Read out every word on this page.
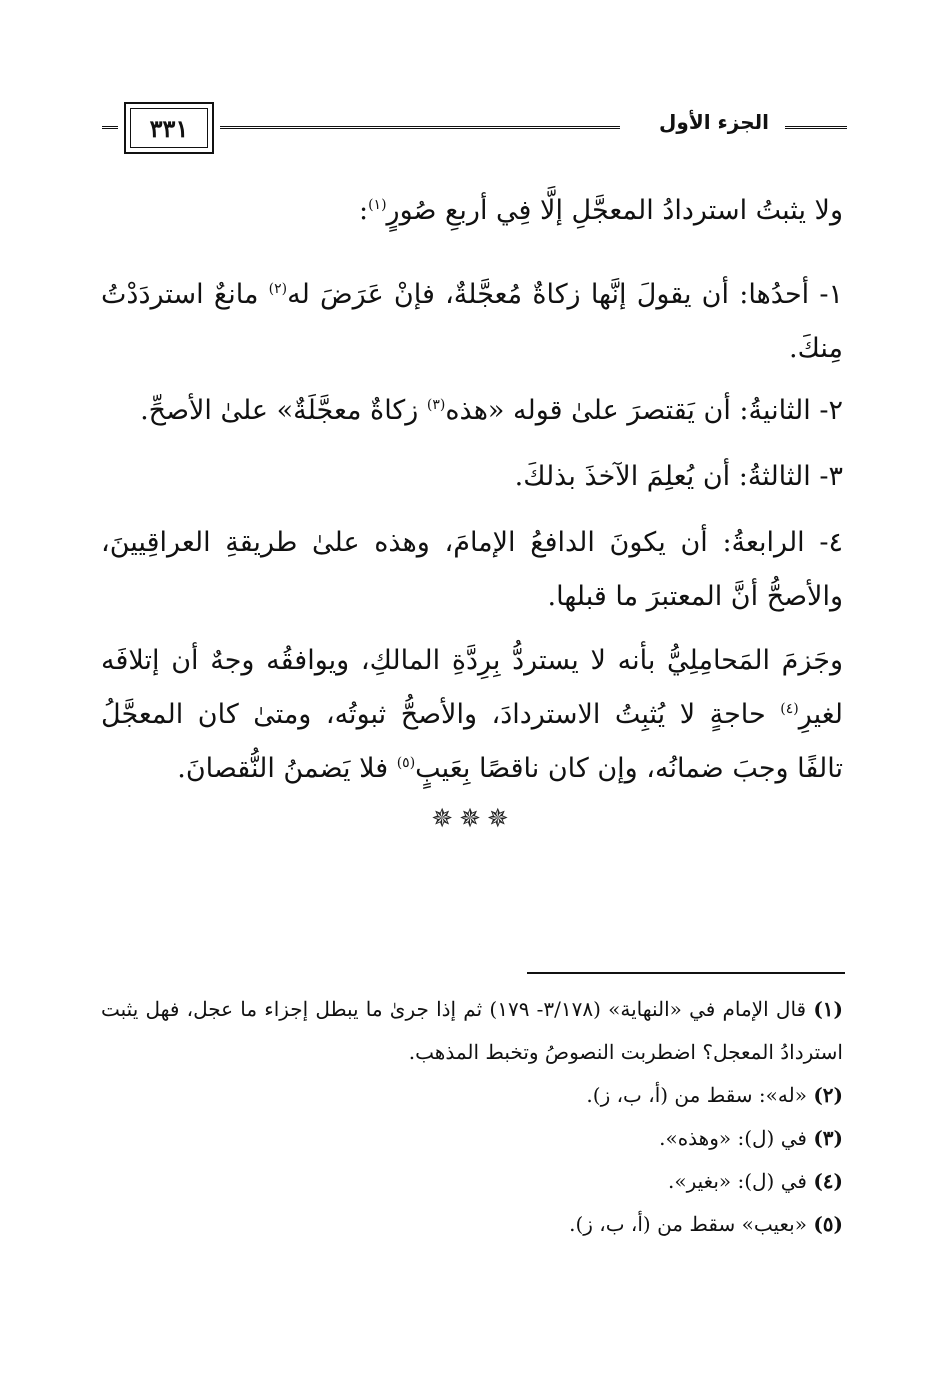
٣٣١	الجزء الأول
ولا يثبتُ استردادُ المعجَّلِ إلَّا فِي أربعِ صُورٍ$^{(١)}$:
١- أحدُها: أن يقولَ إنَّها زكاةٌ مُعجَّلةٌ، فإنْ عَرَضَ له$^{(٢)}$ مانعٌ استردَدْتُ مِنكَ.
٢- الثانيةُ: أن يَقتصرَ علىٰ قوله «هذه$^{(٣)}$ زكاةٌ معجَّلَةٌ» علىٰ الأصحِّ.
٣- الثالثةُ: أن يُعلِمَ الآخذَ بذلكَ.
٤- الرابعةُ: أن يكونَ الدافعُ الإمامَ، وهذه علىٰ طريقةِ العراقِيينَ، والأصحُّ أنَّ المعتبرَ ما قبلها.
وجَزمَ المَحامِلِيُّ بأنه لا يستردُّ بِرِدَّةِ المالكِ، ويوافقُه وجهٌ أن إتلافَه لغيرِ$^{(٤)}$ حاجةٍ لا يُثبِتُ الاستردادَ، والأصحُّ ثبوتُه، ومتىٰ كان المعجَّلُ تالفًا وجبَ ضمانُه، وإن كان ناقصًا بِعَيبٍ$^{(٥)}$ فلا يَضمنُ النُّقصانَ.
✵✵✵

(١) قال الإمام في «النهاية» (٣/١٧٨- ١٧٩) ثم إذا جرىٰ ما يبطل إجزاء ما عجل، فهل يثبت استردادُ المعجل؟ اضطربت النصوصُ وتخبط المذهب.

(٢) «له»: سقط من (أ، ب، ز).

(٣) في (ل): «وهذه».

(٤) في (ل): «بغير».

(٥) «بعيب» سقط من (أ، ب، ز).
